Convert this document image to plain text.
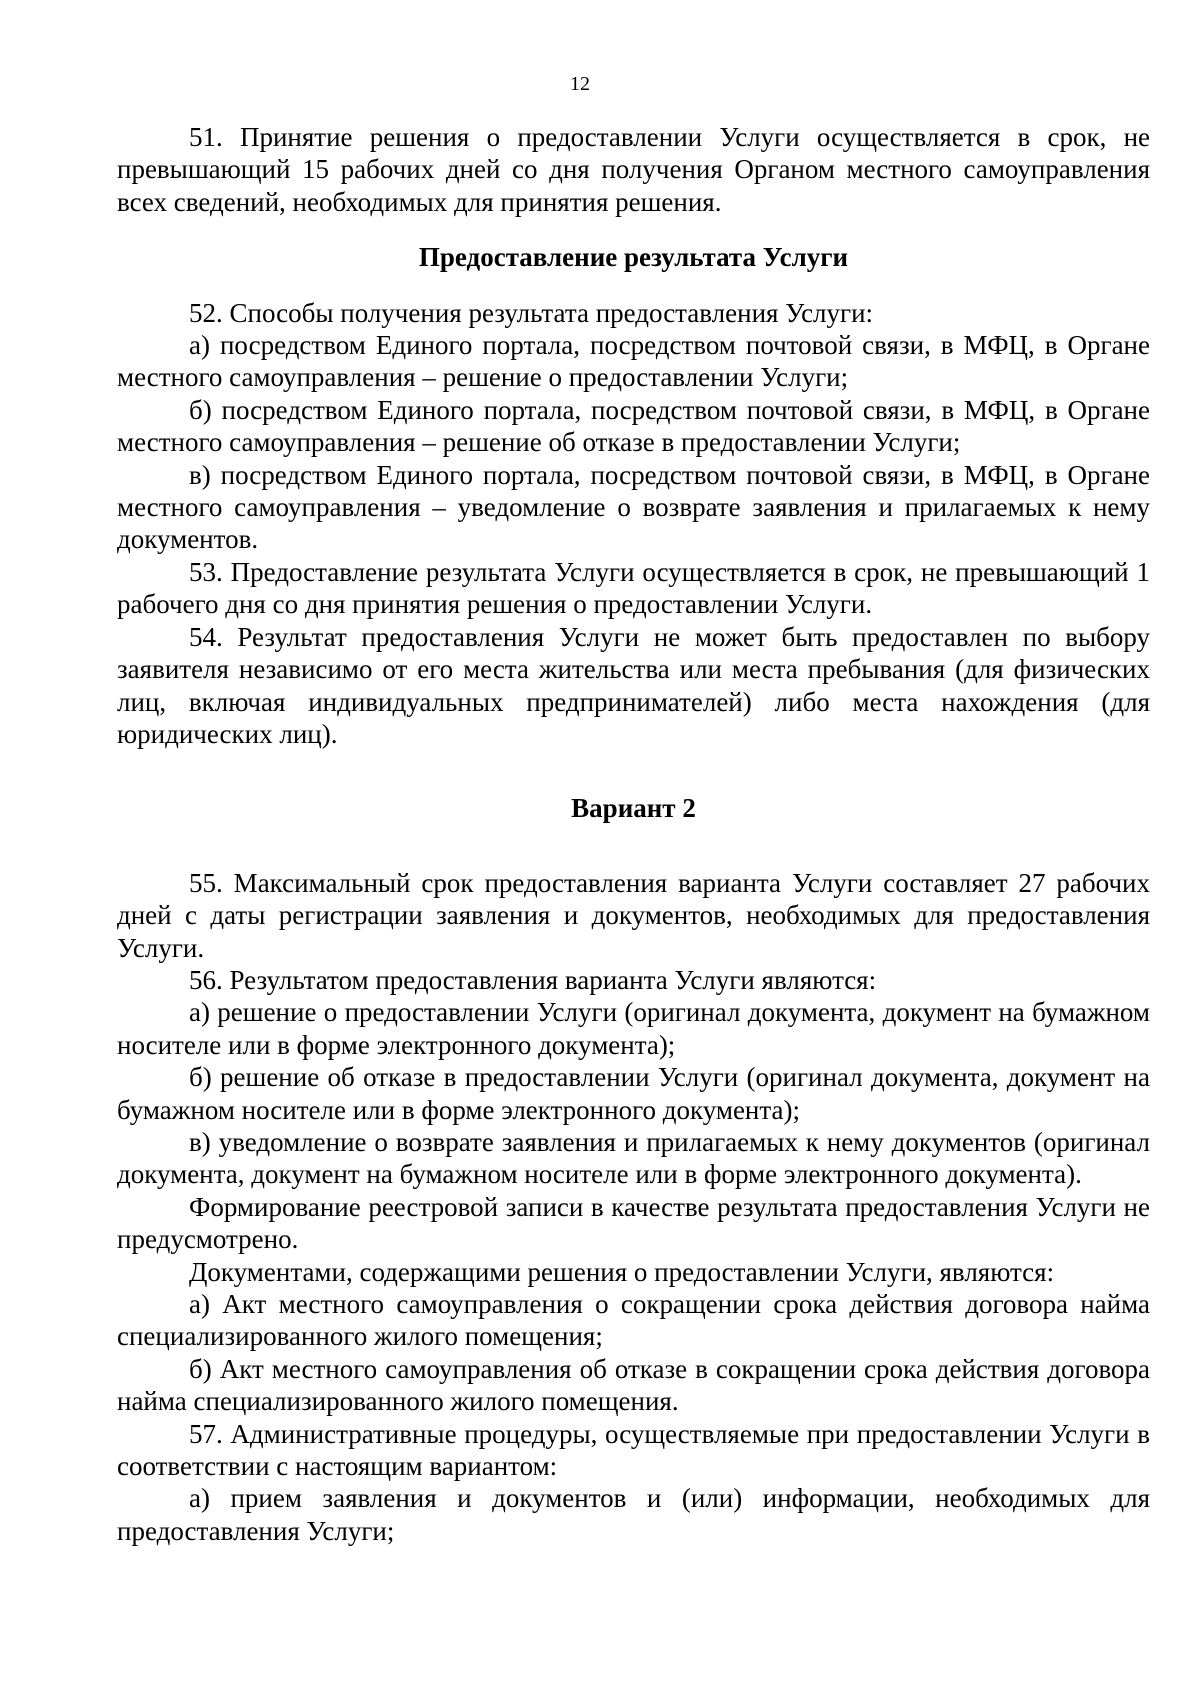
12

51. Принятие решения о предоставлении Услуги осуществляется в срок, не превышающий 15 рабочих дней со дня получения Органом местного самоуправления всех сведений, необходимых для принятия решения.

Предоставление результата Услуги

52. Способы получения результата предоставления Услуги:

а) посредством Единого портала, посредством почтовой связи, в МФЦ, в Органе местного самоуправления – решение о предоставлении Услуги;

б) посредством Единого портала, посредством почтовой связи, в МФЦ, в Органе местного самоуправления – решение об отказе в предоставлении Услуги;

в) посредством Единого портала, посредством почтовой связи, в МФЦ, в Органе местного самоуправления – уведомление о возврате заявления и прилагаемых к нему документов.

53. Предоставление результата Услуги осуществляется в срок, не превышающий 1 рабочего дня со дня принятия решения о предоставлении Услуги.

54. Результат предоставления Услуги не может быть предоставлен по выбору заявителя независимо от его места жительства или места пребывания (для физических лиц, включая индивидуальных предпринимателей) либо места нахождения (для юридических лиц).

Вариант 2

55. Максимальный срок предоставления варианта Услуги составляет 27 рабочих дней с даты регистрации заявления и документов, необходимых для предоставления Услуги.

56. Результатом предоставления варианта Услуги являются:

а) решение о предоставлении Услуги (оригинал документа, документ на бумажном носителе или в форме электронного документа);

б) решение об отказе в предоставлении Услуги (оригинал документа, документ на бумажном носителе или в форме электронного документа);

в) уведомление о возврате заявления и прилагаемых к нему документов (оригинал документа, документ на бумажном носителе или в форме электронного документа).

Формирование реестровой записи в качестве результата предоставления Услуги не предусмотрено.

Документами, содержащими решения о предоставлении Услуги, являются:

а) Акт местного самоуправления о сокращении срока действия договора найма специализированного жилого помещения;

б) Акт местного самоуправления об отказе в сокращении срока действия договора найма специализированного жилого помещения.

57. Административные процедуры, осуществляемые при предоставлении Услуги в соответствии с настоящим вариантом:

а) прием заявления и документов и (или) информации, необходимых для предоставления Услуги;
